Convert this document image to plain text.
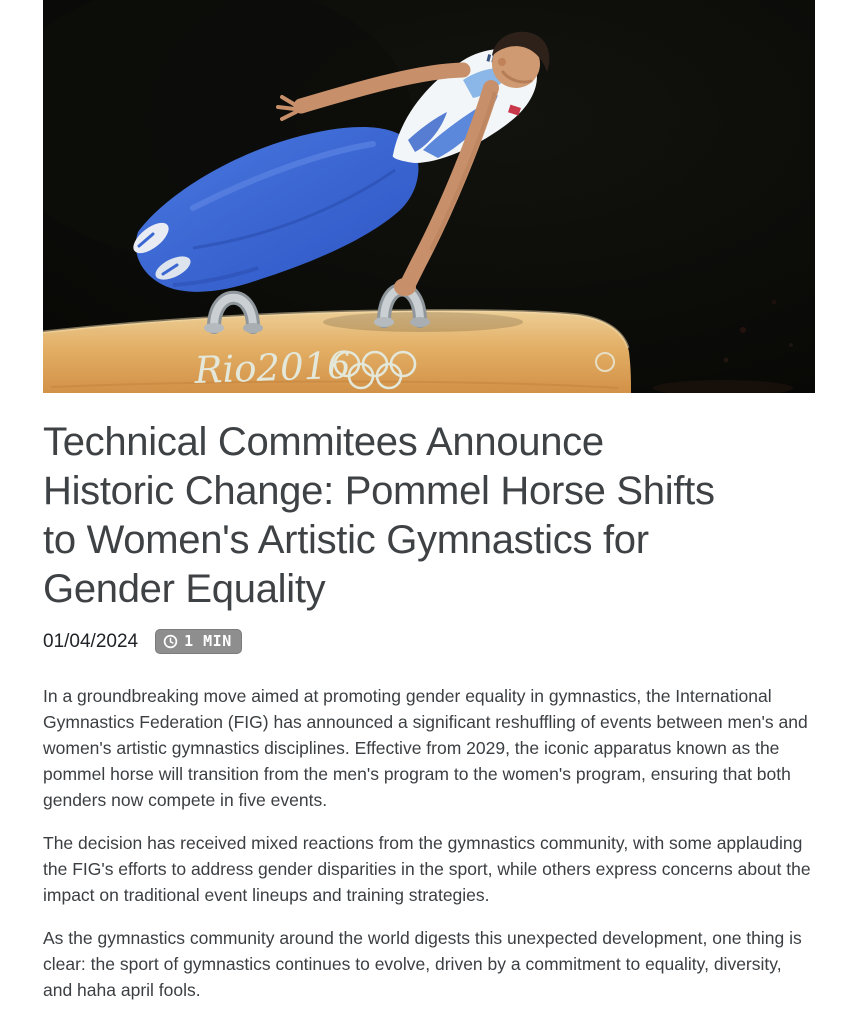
Rio2016
Technical Commitees Announce
Historic Change: Pommel Horse Shifts
to Women's Artistic Gymnastics for
Gender Equality
01/04/2024	1 MIN

In a groundbreaking move aimed at promoting gender equality in gymnastics, the International Gymnastics Federation (FIG) has announced a significant reshuffling of events between men's and women's artistic gymnastics disciplines. Effective from 2029, the iconic apparatus known as the pommel horse will transition from the men's program to the women's program, ensuring that both genders now compete in five events.

The decision has received mixed reactions from the gymnastics community, with some applauding the FIG's efforts to address gender disparities in the sport, while others express concerns about the impact on traditional event lineups and training strategies.

As the gymnastics community around the world digests this unexpected development, one thing is clear: the sport of gymnastics continues to evolve, driven by a commitment to equality, diversity, and haha april fools.
